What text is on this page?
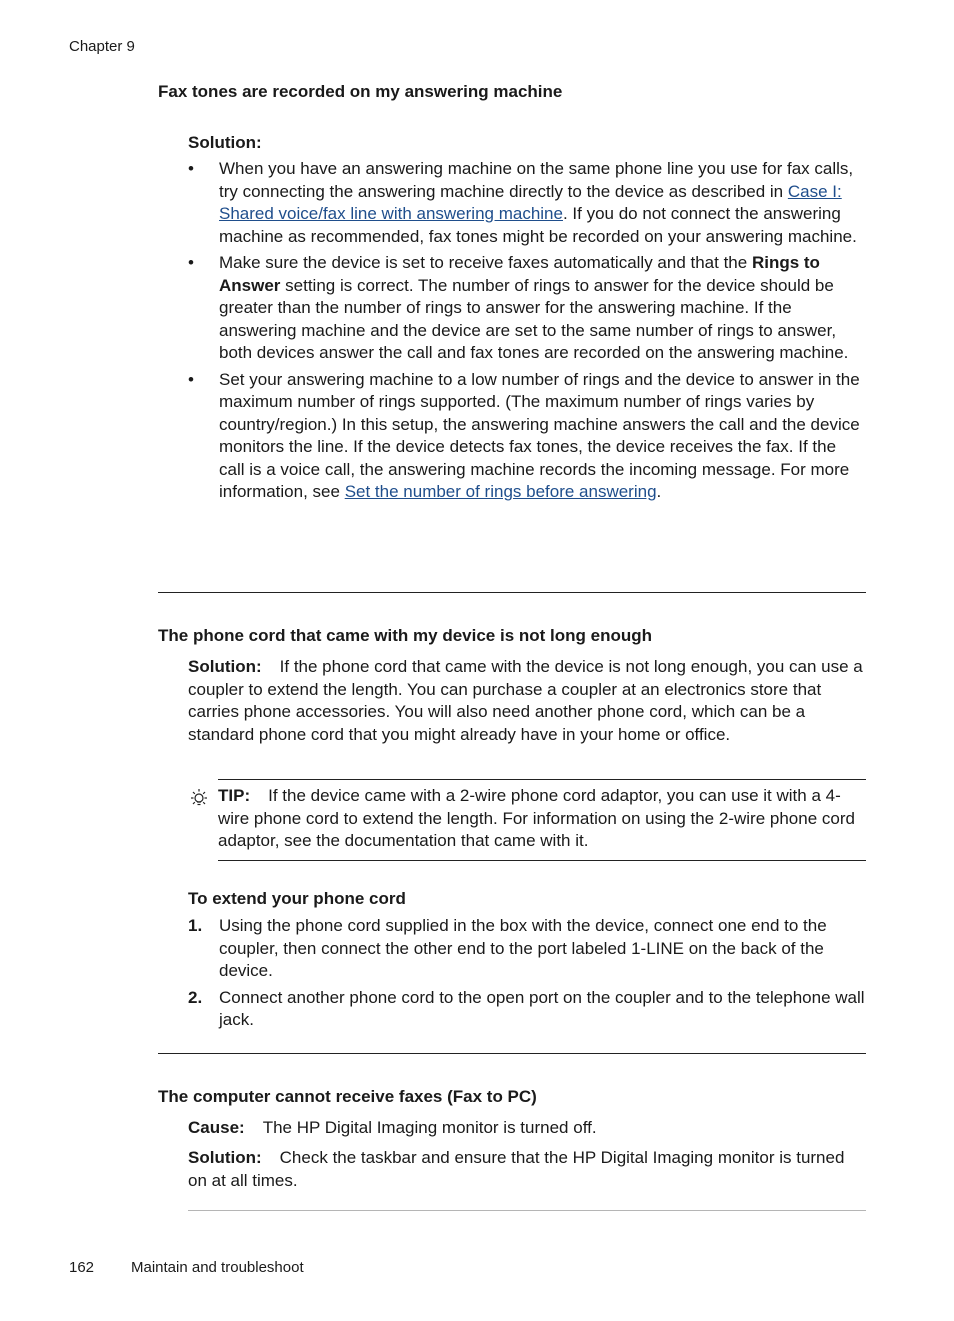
Chapter 9
Fax tones are recorded on my answering machine
Solution:
• When you have an answering machine on the same phone line you use for fax calls, try connecting the answering machine directly to the device as described in Case I: Shared voice/fax line with answering machine. If you do not connect the answering machine as recommended, fax tones might be recorded on your answering machine.
• Make sure the device is set to receive faxes automatically and that the Rings to Answer setting is correct. The number of rings to answer for the device should be greater than the number of rings to answer for the answering machine. If the answering machine and the device are set to the same number of rings to answer, both devices answer the call and fax tones are recorded on the answering machine.
• Set your answering machine to a low number of rings and the device to answer in the maximum number of rings supported. (The maximum number of rings varies by country/region.) In this setup, the answering machine answers the call and the device monitors the line. If the device detects fax tones, the device receives the fax. If the call is a voice call, the answering machine records the incoming message. For more information, see Set the number of rings before answering.
The phone cord that came with my device is not long enough
Solution: If the phone cord that came with the device is not long enough, you can use a coupler to extend the length. You can purchase a coupler at an electronics store that carries phone accessories. You will also need another phone cord, which can be a standard phone cord that you might already have in your home or office.
TIP: If the device came with a 2-wire phone cord adaptor, you can use it with a 4-wire phone cord to extend the length. For information on using the 2-wire phone cord adaptor, see the documentation that came with it.
To extend your phone cord
1. Using the phone cord supplied in the box with the device, connect one end to the coupler, then connect the other end to the port labeled 1-LINE on the back of the device.
2. Connect another phone cord to the open port on the coupler and to the telephone wall jack.
The computer cannot receive faxes (Fax to PC)
Cause: The HP Digital Imaging monitor is turned off.
Solution: Check the taskbar and ensure that the HP Digital Imaging monitor is turned on at all times.
162 Maintain and troubleshoot
